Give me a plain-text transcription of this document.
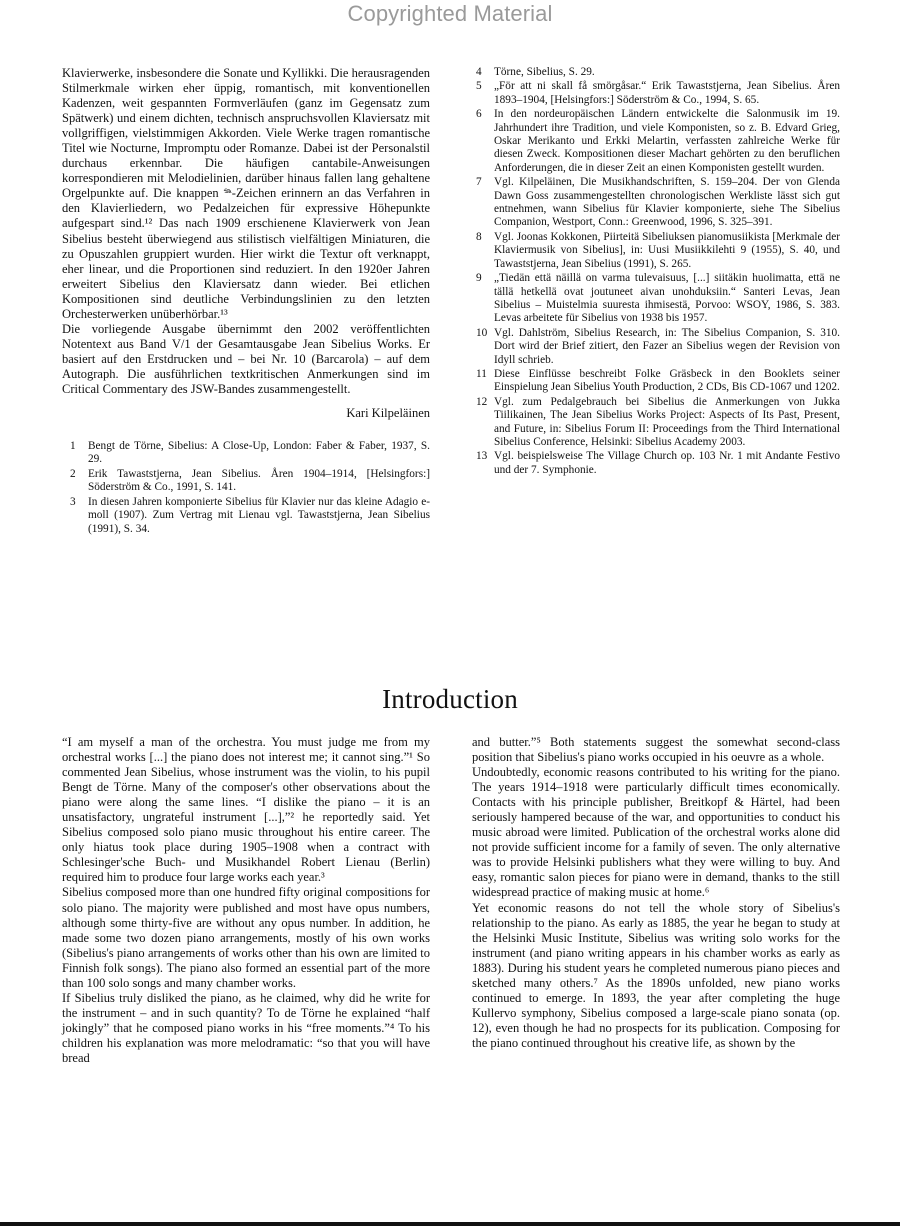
Copyrighted Material

Klavierwerke, insbesondere die Sonate und Kyllikki. Die herausragenden Stilmerkmale wirken eher üppig, romantisch, mit konventionellen Kadenzen, weit gespannten Formverläufen (ganz im Gegensatz zum Spätwerk) und einem dichten, technisch anspruchsvollen Klaviersatz mit vollgriffigen, vielstimmigen Akkorden. Viele Werke tragen romantische Titel wie Nocturne, Impromptu oder Romanze. Dabei ist der Personalstil durchaus erkennbar. Die häufigen cantabile-Anweisungen korrespondieren mit Melodielinien, darüber hinaus fallen lang gehaltene Orgelpunkte auf. Die knappen 𝆮-Zeichen erinnern an das Verfahren in den Klavierliedern, wo Pedalzeichen für expressive Höhepunkte aufgespart sind.¹² Das nach 1909 erschienene Klavierwerk von Jean Sibelius besteht überwiegend aus stilistisch vielfältigen Miniaturen, die zu Opuszahlen gruppiert wurden. Hier wirkt die Textur oft verknappt, eher linear, und die Proportionen sind reduziert. In den 1920er Jahren erweitert Sibelius den Klaviersatz dann wieder. Bei etlichen Kompositionen sind deutliche Verbindungslinien zu den letzten Orchesterwerken unüberhörbar.¹³

Die vorliegende Ausgabe übernimmt den 2002 veröffentlichten Notentext aus Band V/1 der Gesamtausgabe Jean Sibelius Works. Er basiert auf den Erstdrucken und – bei Nr. 10 (Barcarola) – auf dem Autograph. Die ausführlichen textkritischen Anmerkungen sind im Critical Commentary des JSW-Bandes zusammengestellt.

Kari Kilpeläinen

1	Bengt de Törne, Sibelius: A Close-Up, London: Faber & Faber, 1937, S. 29.
2	Erik Tawaststjerna, Jean Sibelius. Åren 1904–1914, [Helsingfors:] Söderström & Co., 1991, S. 141.
3	In diesen Jahren komponierte Sibelius für Klavier nur das kleine Adagio e-moll (1907). Zum Vertrag mit Lienau vgl. Tawaststjerna, Jean Sibelius (1991), S. 34.
4	Törne, Sibelius, S. 29.
5	„För att ni skall få smörgåsar.“ Erik Tawaststjerna, Jean Sibelius. Åren 1893–1904, [Helsingfors:] Söderström & Co., 1994, S. 65.
6	In den nordeuropäischen Ländern entwickelte die Salonmusik im 19. Jahrhundert ihre Tradition, und viele Komponisten, so z. B. Edvard Grieg, Oskar Merikanto und Erkki Melartin, verfassten zahlreiche Werke für diesen Zweck. Kompositionen dieser Machart gehörten zu den beruflichen Anforderungen, die in dieser Zeit an einen Komponisten gestellt wurden.
7	Vgl. Kilpeläinen, Die Musikhandschriften, S. 159–204. Der von Glenda Dawn Goss zusammengestellten chronologischen Werkliste lässt sich gut entnehmen, wann Sibelius für Klavier komponierte, siehe The Sibelius Companion, Westport, Conn.: Greenwood, 1996, S. 325–391.
8	Vgl. Joonas Kokkonen, Piirteitä Sibeliuksen pianomusiikista [Merkmale der Klaviermusik von Sibelius], in: Uusi Musiikkilehti 9 (1955), S. 40, und Tawaststjerna, Jean Sibelius (1991), S. 265.
9	„Tiedän että näillä on varma tulevaisuus, [...] siitäkin huolimatta, että ne tällä hetkellä ovat joutuneet aivan unohduksiin.“ Santeri Levas, Jean Sibelius – Muistelmia suuresta ihmisestä, Porvoo: WSOY, 1986, S. 383. Levas arbeitete für Sibelius von 1938 bis 1957.
10 Vgl. Dahlström, Sibelius Research, in: The Sibelius Companion, S. 310. Dort wird der Brief zitiert, den Fazer an Sibelius wegen der Revision von Idyll schrieb.
11 Diese Einflüsse beschreibt Folke Gräsbeck in den Booklets seiner Einspielung Jean Sibelius Youth Production, 2 CDs, Bis CD-1067 und 1202.
12 Vgl. zum Pedalgebrauch bei Sibelius die Anmerkungen von Jukka Tiilikainen, The Jean Sibelius Works Project: Aspects of Its Past, Present, and Future, in: Sibelius Forum II: Proceedings from the Third International Sibelius Conference, Helsinki: Sibelius Academy 2003.
13 Vgl. beispielsweise The Village Church op. 103 Nr. 1 mit Andante Festivo und der 7. Symphonie.
Introduction

“I am myself a man of the orchestra. You must judge me from my orchestral works [...] the piano does not interest me; it cannot sing.”¹ So commented Jean Sibelius, whose instrument was the violin, to his pupil Bengt de Törne. Many of the composer's other observations about the piano were along the same lines. “I dislike the piano – it is an unsatisfactory, ungrateful instrument [...],”² he reportedly said. Yet Sibelius composed solo piano music throughout his entire career. The only hiatus took place during 1905–1908 when a contract with Schlesinger'sche Buch- und Musikhandel Robert Lienau (Berlin) required him to produce four large works each year.³

Sibelius composed more than one hundred fifty original compositions for solo piano. The majority were published and most have opus numbers, although some thirty-five are without any opus number. In addition, he made some two dozen piano arrangements, mostly of his own works (Sibelius's piano arrangements of works other than his own are limited to Finnish folk songs). The piano also formed an essential part of the more than 100 solo songs and many chamber works.

If Sibelius truly disliked the piano, as he claimed, why did he write for the instrument – and in such quantity? To de Törne he explained “half jokingly” that he composed piano works in his “free moments.”⁴ To his children his explanation was more melodramatic: “so that you will have bread

and butter.”⁵ Both statements suggest the somewhat second-class position that Sibelius's piano works occupied in his oeuvre as a whole.

Undoubtedly, economic reasons contributed to his writing for the piano. The years 1914–1918 were particularly difficult times economically. Contacts with his principle publisher, Breitkopf & Härtel, had been seriously hampered because of the war, and opportunities to conduct his music abroad were limited. Publication of the orchestral works alone did not provide sufficient income for a family of seven. The only alternative was to provide Helsinki publishers what they were willing to buy. And easy, romantic salon pieces for piano were in demand, thanks to the still widespread practice of making music at home.⁶

Yet economic reasons do not tell the whole story of Sibelius's relationship to the piano. As early as 1885, the year he began to study at the Helsinki Music Institute, Sibelius was writing solo works for the instrument (and piano writing appears in his chamber works as early as 1883). During his student years he completed numerous piano pieces and sketched many others.⁷ As the 1890s unfolded, new piano works continued to emerge. In 1893, the year after completing the huge Kullervo symphony, Sibelius composed a large-scale piano sonata (op. 12), even though he had no prospects for its publication. Composing for the piano continued throughout his creative life, as shown by the
